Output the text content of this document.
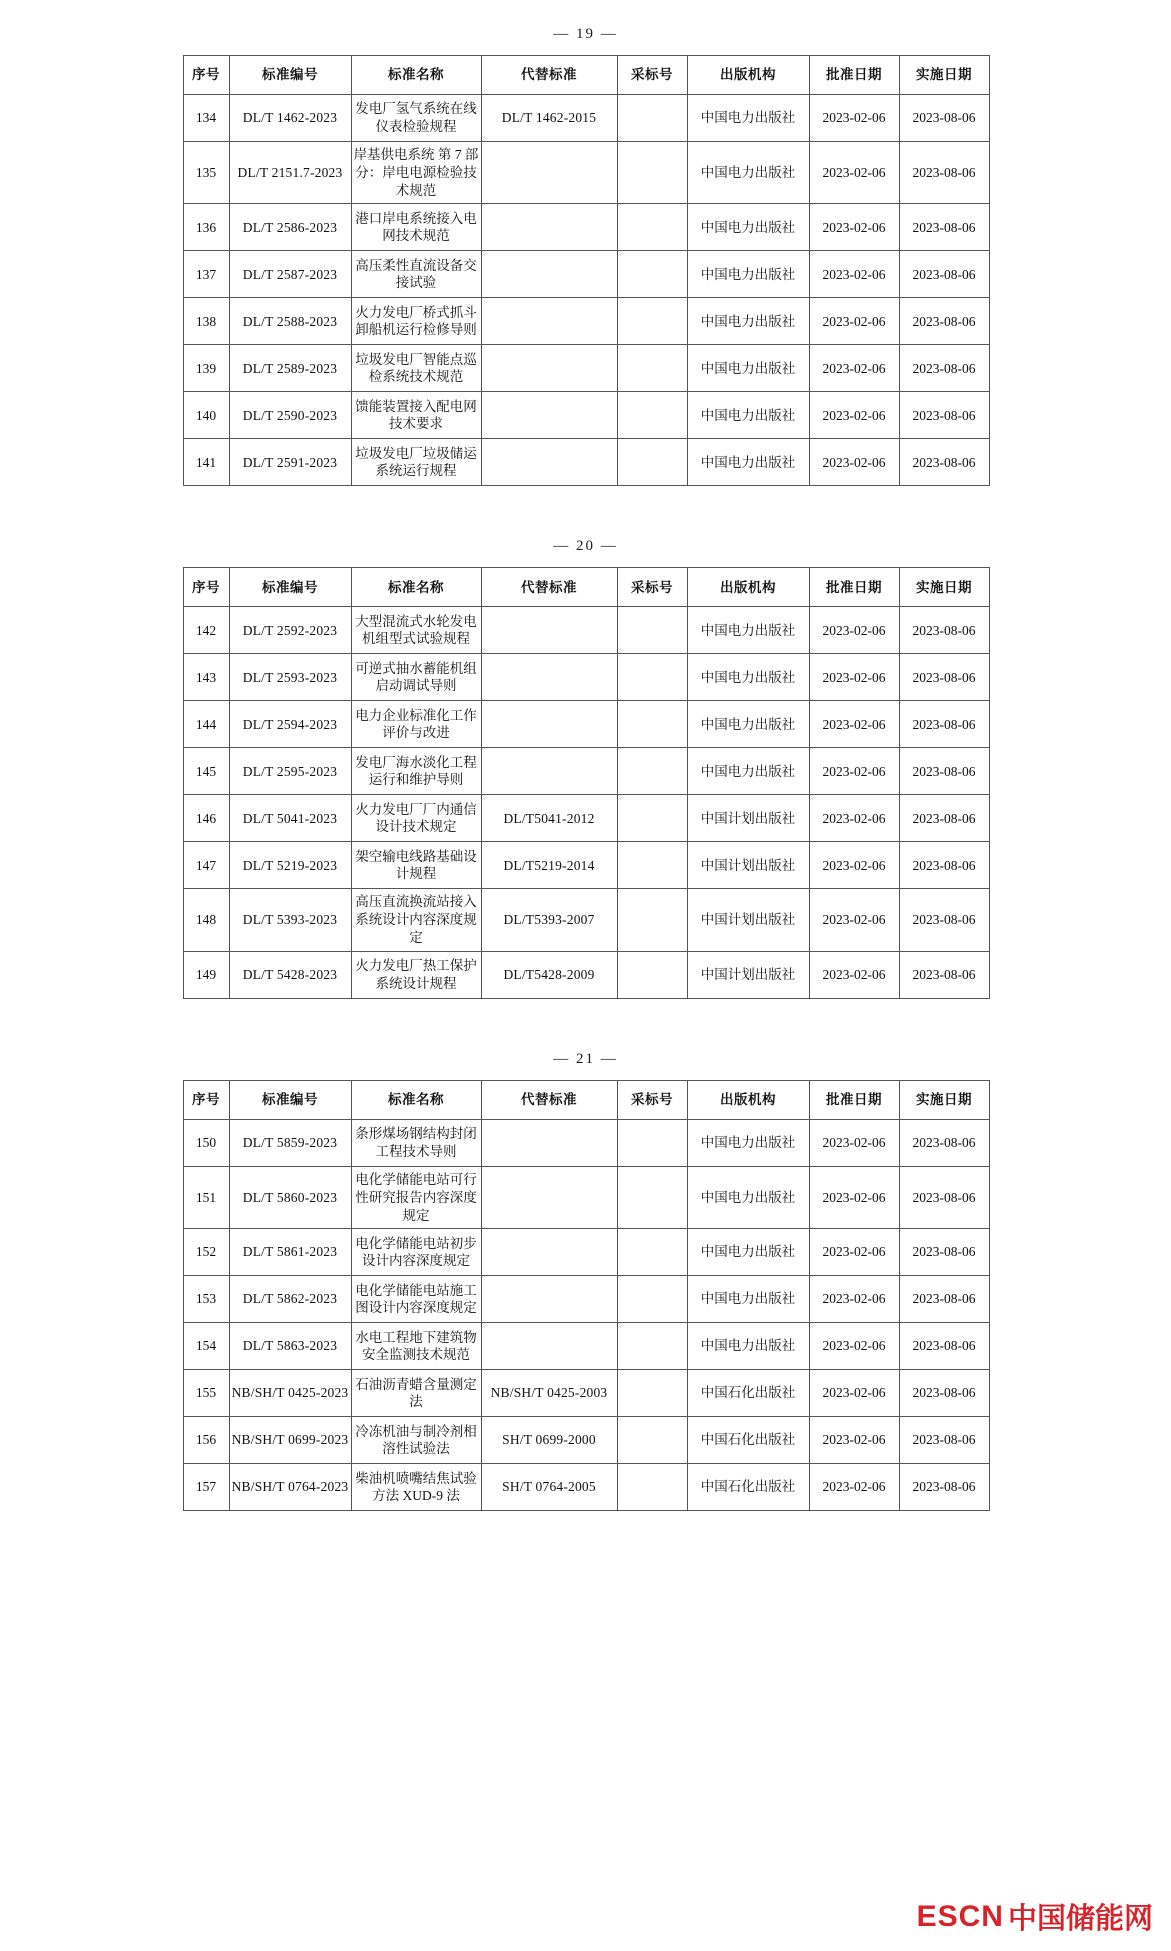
— 19 —
序号	标准编号	标准名称	代替标准	采标号	出版机构	批准日期	实施日期
134	DL/T 1462-2023	发电厂氢气系统在线仪表检验规程	DL/T 1462-2015		中国电力出版社	2023-02-06	2023-08-06
135	DL/T 2151.7-2023	岸基供电系统 第 7 部分：岸电电源检验技术规范			中国电力出版社	2023-02-06	2023-08-06
136	DL/T 2586-2023	港口岸电系统接入电网技术规范			中国电力出版社	2023-02-06	2023-08-06
137	DL/T 2587-2023	高压柔性直流设备交接试验			中国电力出版社	2023-02-06	2023-08-06
138	DL/T 2588-2023	火力发电厂桥式抓斗卸船机运行检修导则			中国电力出版社	2023-02-06	2023-08-06
139	DL/T 2589-2023	垃圾发电厂智能点巡检系统技术规范			中国电力出版社	2023-02-06	2023-08-06
140	DL/T 2590-2023	馈能装置接入配电网技术要求			中国电力出版社	2023-02-06	2023-08-06
141	DL/T 2591-2023	垃圾发电厂垃圾储运系统运行规程			中国电力出版社	2023-02-06	2023-08-06
— 20 —
序号	标准编号	标准名称	代替标准	采标号	出版机构	批准日期	实施日期
142	DL/T 2592-2023	大型混流式水轮发电机组型式试验规程			中国电力出版社	2023-02-06	2023-08-06
143	DL/T 2593-2023	可逆式抽水蓄能机组启动调试导则			中国电力出版社	2023-02-06	2023-08-06
144	DL/T 2594-2023	电力企业标准化工作评价与改进			中国电力出版社	2023-02-06	2023-08-06
145	DL/T 2595-2023	发电厂海水淡化工程运行和维护导则			中国电力出版社	2023-02-06	2023-08-06
146	DL/T 5041-2023	火力发电厂厂内通信设计技术规定	DL/T5041-2012		中国计划出版社	2023-02-06	2023-08-06
147	DL/T 5219-2023	架空输电线路基础设计规程	DL/T5219-2014		中国计划出版社	2023-02-06	2023-08-06
148	DL/T 5393-2023	高压直流换流站接入系统设计内容深度规定	DL/T5393-2007		中国计划出版社	2023-02-06	2023-08-06
149	DL/T 5428-2023	火力发电厂热工保护系统设计规程	DL/T5428-2009		中国计划出版社	2023-02-06	2023-08-06
— 21 —
序号	标准编号	标准名称	代替标准	采标号	出版机构	批准日期	实施日期
150	DL/T 5859-2023	条形煤场钢结构封闭工程技术导则			中国电力出版社	2023-02-06	2023-08-06
151	DL/T 5860-2023	电化学储能电站可行性研究报告内容深度规定			中国电力出版社	2023-02-06	2023-08-06
152	DL/T 5861-2023	电化学储能电站初步设计内容深度规定			中国电力出版社	2023-02-06	2023-08-06
153	DL/T 5862-2023	电化学储能电站施工图设计内容深度规定			中国电力出版社	2023-02-06	2023-08-06
154	DL/T 5863-2023	水电工程地下建筑物安全监测技术规范			中国电力出版社	2023-02-06	2023-08-06
155	NB/SH/T 0425-2023	石油沥青蜡含量测定法	NB/SH/T 0425-2003		中国石化出版社	2023-02-06	2023-08-06
156	NB/SH/T 0699-2023	冷冻机油与制冷剂相溶性试验法	SH/T 0699-2000		中国石化出版社	2023-02-06	2023-08-06
157	NB/SH/T 0764-2023	柴油机喷嘴结焦试验方法 XUD-9 法	SH/T 0764-2005		中国石化出版社	2023-02-06	2023-08-06
ESCN 中国储能网
